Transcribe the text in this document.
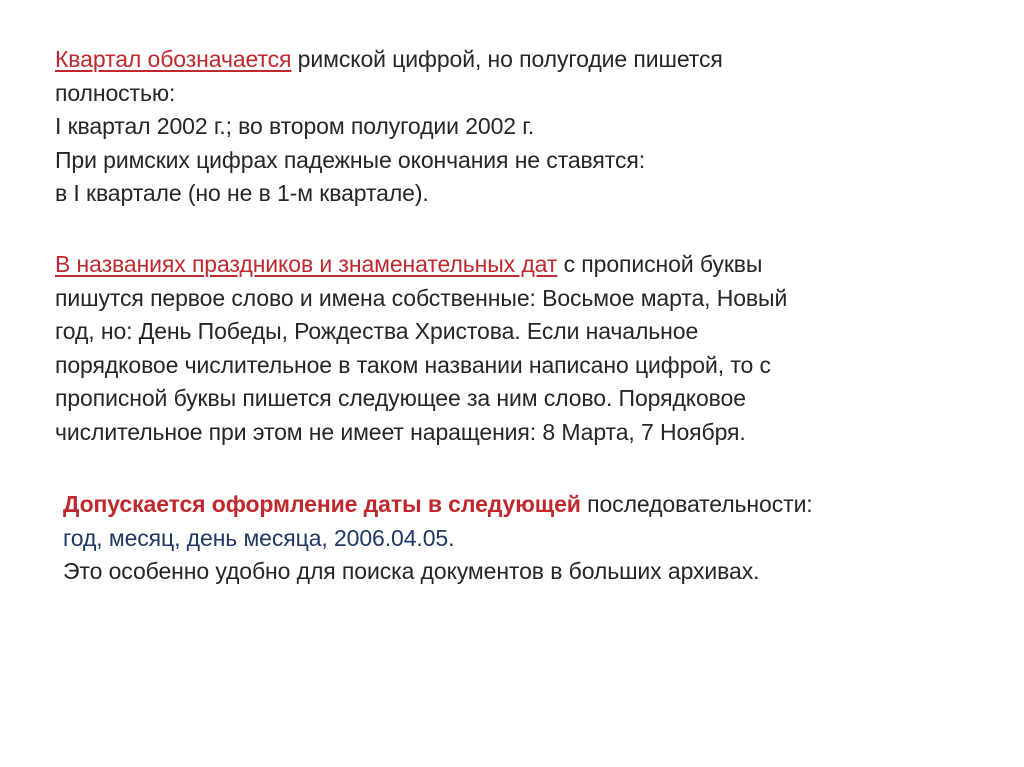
Квартал обозначается римской цифрой, но полугодие пишется
полностью:
I квартал 2002 г.; во втором полугодии 2002 г.
При римских цифрах падежные окончания не ставятся:
в I квартале (но не в 1-м квартале).
В названиях праздников и знаменательных дат с прописной буквы
пишутся первое слово и имена собственные: Восьмое марта, Новый
год, но: День Победы, Рождества Христова. Если начальное
порядковое числительное в таком названии написано цифрой, то с
прописной буквы пишется следующее за ним слово. Порядковое
числительное при этом не имеет наращения: 8 Марта, 7 Ноября.
Допускается оформление даты в следующей последовательности:
год, месяц, день месяца, 2006.04.05.
Это особенно удобно для поиска документов в больших архивах.
